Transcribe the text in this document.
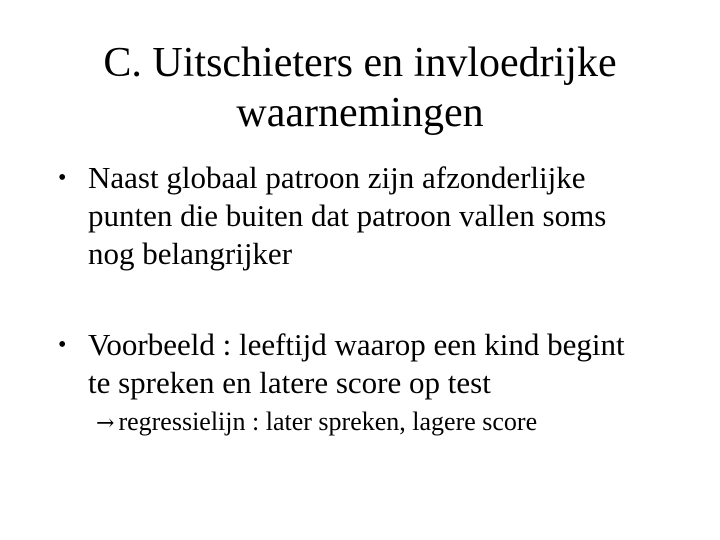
C. Uitschieters en invloedrijke
waarnemingen
• Naast globaal patroon zijn afzonderlijke
punten die buiten dat patroon vallen soms
nog belangrijker
• Voorbeeld : leeftijd waarop een kind begint
te spreken en latere score op test
→ regressielijn : later spreken, lagere score
